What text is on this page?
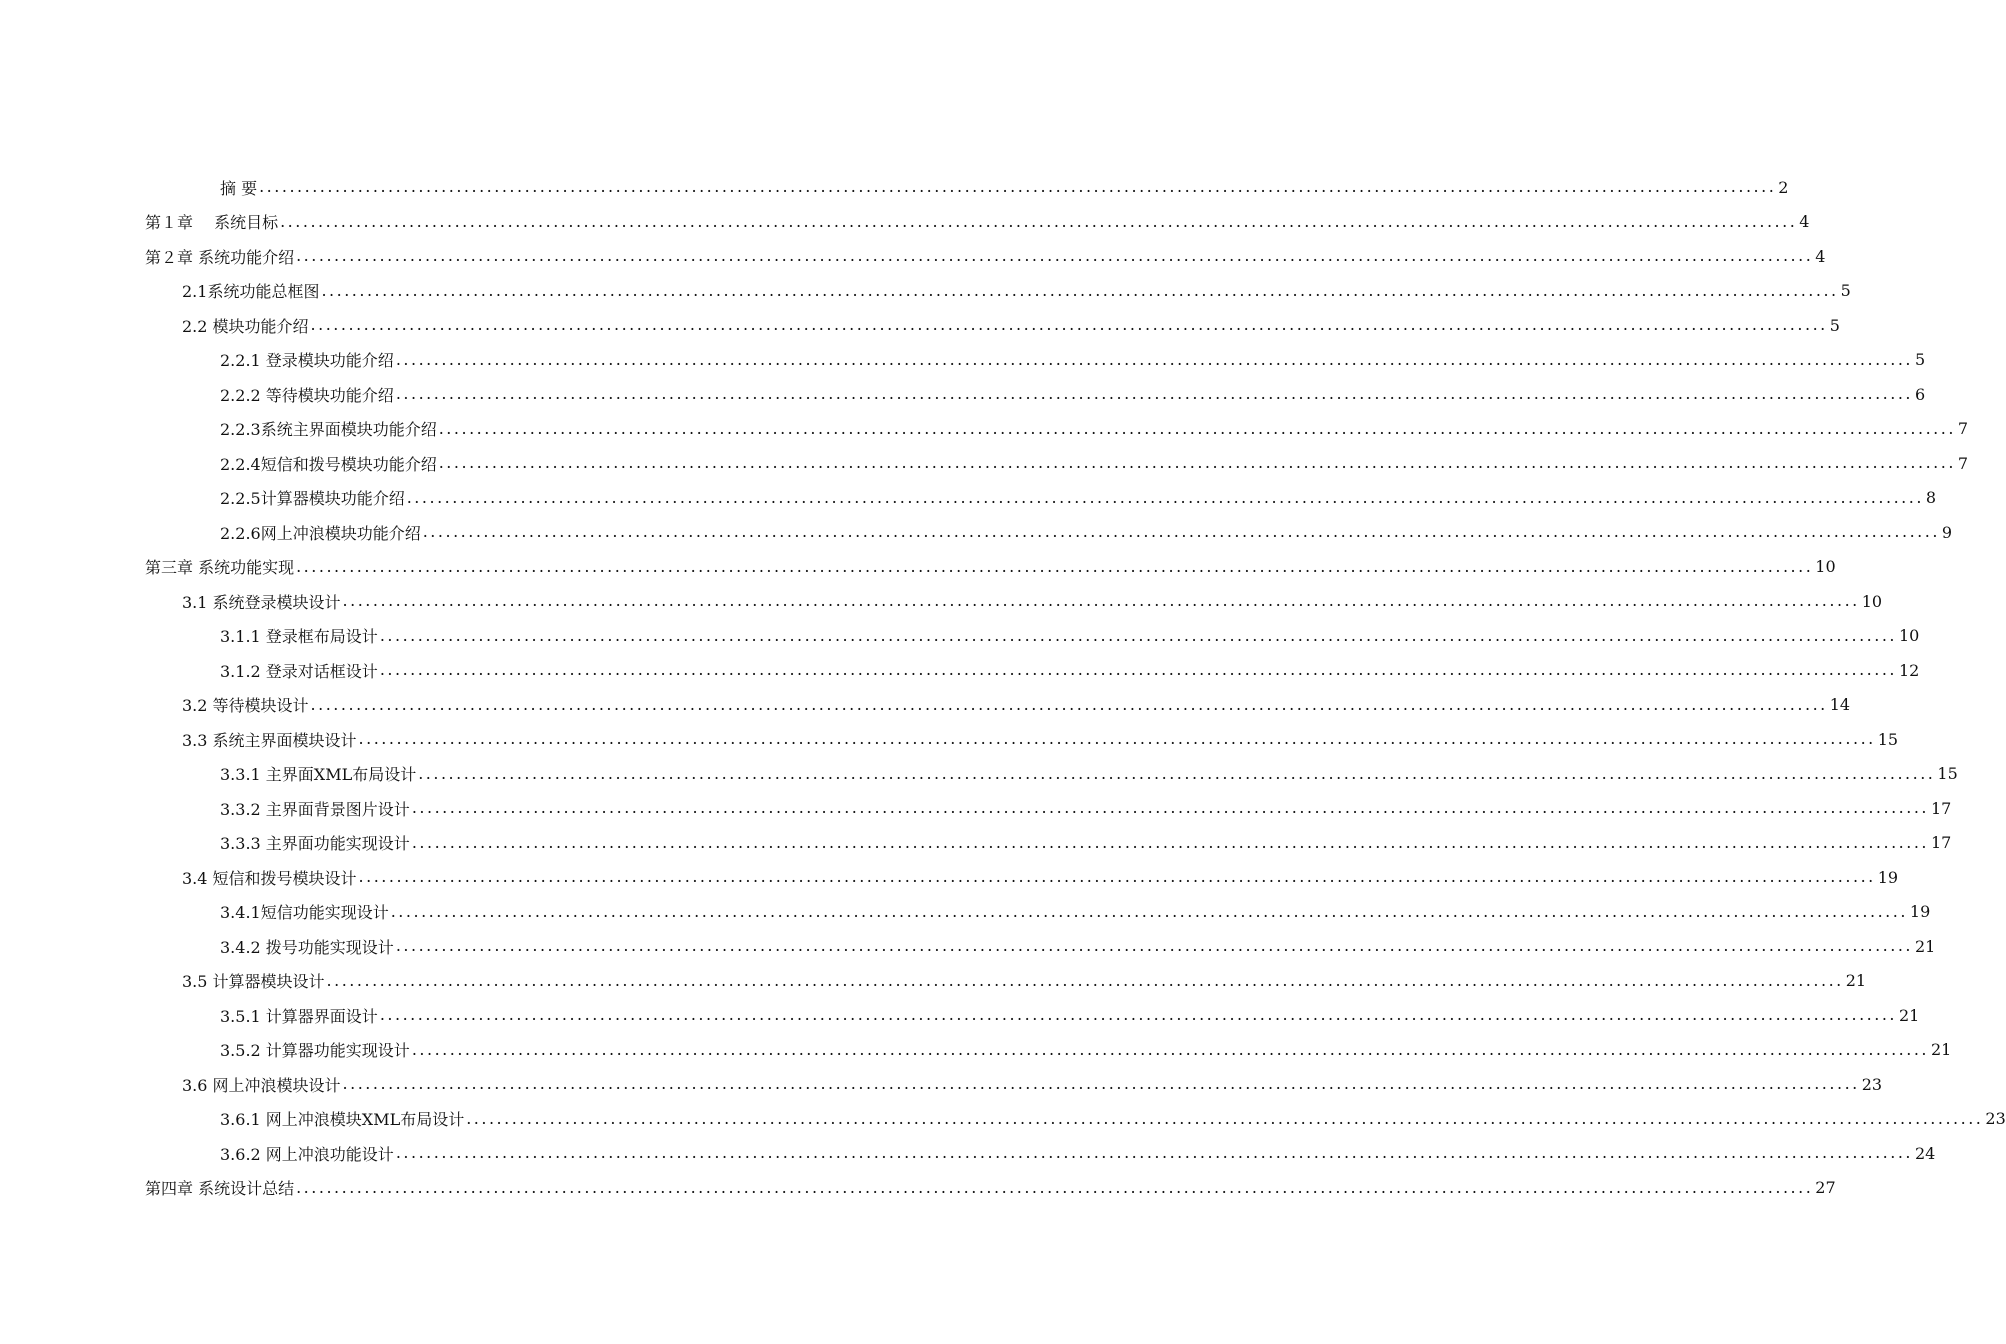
摘 要 ........................................................................................................................................................................................................ 2
第１章　 系统目标 ........................................................................................................................................................................................................ 4
第２章 系统功能介绍 ........................................................................................................................................................................................................ 4
2.1系统功能总框图 ........................................................................................................................................................................................................ 5
2.2 模块功能介绍 ........................................................................................................................................................................................................ 5
2.2.1 登录模块功能介绍 ........................................................................................................................................................................................................ 5
2.2.2 等待模块功能介绍 ........................................................................................................................................................................................................ 6
2.2.3系统主界面模块功能介绍 ........................................................................................................................................................................................................ 7
2.2.4短信和拨号模块功能介绍 ........................................................................................................................................................................................................ 7
2.2.5计算器模块功能介绍 ........................................................................................................................................................................................................ 8
2.2.6网上冲浪模块功能介绍 ........................................................................................................................................................................................................ 9
第三章 系统功能实现 ........................................................................................................................................................................................................ 10
3.1 系统登录模块设计 ........................................................................................................................................................................................................ 10
3.1.1 登录框布局设计 ........................................................................................................................................................................................................ 10
3.1.2 登录对话框设计 ........................................................................................................................................................................................................ 12
3.2 等待模块设计 ........................................................................................................................................................................................................ 14
3.3 系统主界面模块设计 ........................................................................................................................................................................................................ 15
3.3.1 主界面XML布局设计 ........................................................................................................................................................................................................ 15
3.3.2 主界面背景图片设计 ........................................................................................................................................................................................................ 17
3.3.3 主界面功能实现设计 ........................................................................................................................................................................................................ 17
3.4 短信和拨号模块设计 ........................................................................................................................................................................................................ 19
3.4.1短信功能实现设计 ........................................................................................................................................................................................................ 19
3.4.2 拨号功能实现设计 ........................................................................................................................................................................................................ 21
3.5 计算器模块设计 ........................................................................................................................................................................................................ 21
3.5.1 计算器界面设计 ........................................................................................................................................................................................................ 21
3.5.2 计算器功能实现设计 ........................................................................................................................................................................................................ 21
3.6 网上冲浪模块设计 ........................................................................................................................................................................................................ 23
3.6.1 网上冲浪模块XML布局设计 ........................................................................................................................................................................................................ 23
3.6.2 网上冲浪功能设计 ........................................................................................................................................................................................................ 24
第四章 系统设计总结 ........................................................................................................................................................................................................ 27
